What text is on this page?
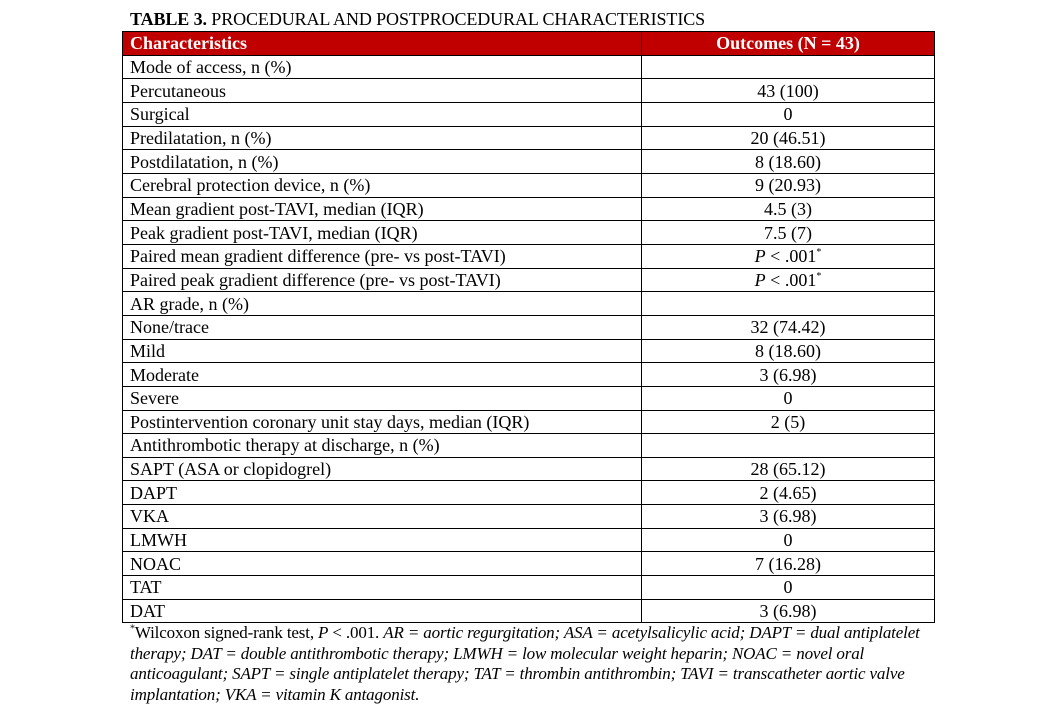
TABLE 3. PROCEDURAL AND POSTPROCEDURAL CHARACTERISTICS
Characteristics	Outcomes (N = 43)
Mode of access, n (%)	
Percutaneous	43 (100)
Surgical	0
Predilatation, n (%)	20 (46.51)
Postdilatation, n (%)	8 (18.60)
Cerebral protection device, n (%)	9 (20.93)
Mean gradient post-TAVI, median (IQR)	4.5 (3)
Peak gradient post-TAVI, median (IQR)	7.5 (7)
Paired mean gradient difference (pre- vs post-TAVI)	P < .001*
Paired peak gradient difference (pre- vs post-TAVI)	P < .001*
AR grade, n (%)	
None/trace	32 (74.42)
Mild	8 (18.60)
Moderate	3 (6.98)
Severe	0
Postintervention coronary unit stay days, median (IQR)	2 (5)
Antithrombotic therapy at discharge, n (%)	
SAPT (ASA or clopidogrel)	28 (65.12)
DAPT	2 (4.65)
VKA	3 (6.98)
LMWH	0
NOAC	7 (16.28)
TAT	0
DAT	3 (6.98)
*Wilcoxon signed-rank test, P < .001. AR = aortic regurgitation; ASA = acetylsalicylic acid; DAPT = dual antiplatelet therapy; DAT = double antithrombotic therapy; LMWH = low molecular weight heparin; NOAC = novel oral anticoagulant; SAPT = single antiplatelet therapy; TAT = thrombin antithrombin; TAVI = transcatheter aortic valve implantation; VKA = vitamin K antagonist.
